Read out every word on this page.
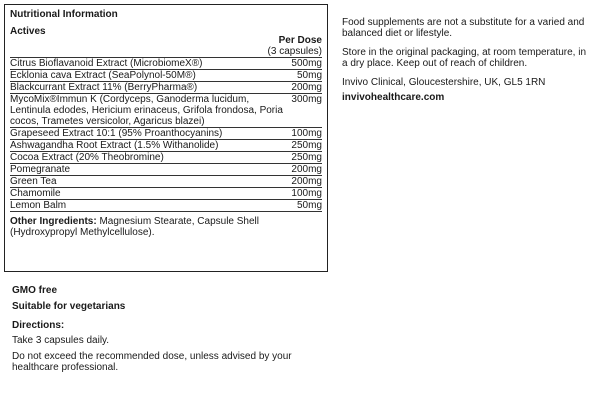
Nutritional Information
Actives
Per Dose
(3 capsules)
Citrus Bioflavanoid Extract (MicrobiomeX®)	500mg
Ecklonia cava Extract (SeaPolynol-50M®)	50mg
Blackcurrant Extract 11% (BerryPharma®)	200mg
MycoMix®Immun K (Cordyceps, Ganoderma lucidum, Lentinula edodes, Hericium erinaceus, Grifola frondosa, Poria cocos, Trametes versicolor, Agaricus blazei)
300mg
Grapeseed Extract 10:1 (95% Proanthocyanins)	100mg
Ashwagandha Root Extract (1.5% Withanolide)	250mg
Cocoa Extract (20% Theobromine)	250mg
Pomegranate	200mg
Green Tea	200mg
Chamomile	100mg
Lemon Balm	50mg
Other Ingredients: Magnesium Stearate, Capsule Shell (Hydroxypropyl Methylcellulose).

Food supplements are not a substitute for a varied and balanced diet or lifestyle.

Store in the original packaging, at room temperature, in a dry place. Keep out of reach of children.

Invivo Clinical, Gloucestershire, UK, GL5 1RN

invivohealthcare.com

GMO free

Suitable for vegetarians

Directions:

Take 3 capsules daily.

Do not exceed the recommended dose, unless advised by your healthcare professional.
